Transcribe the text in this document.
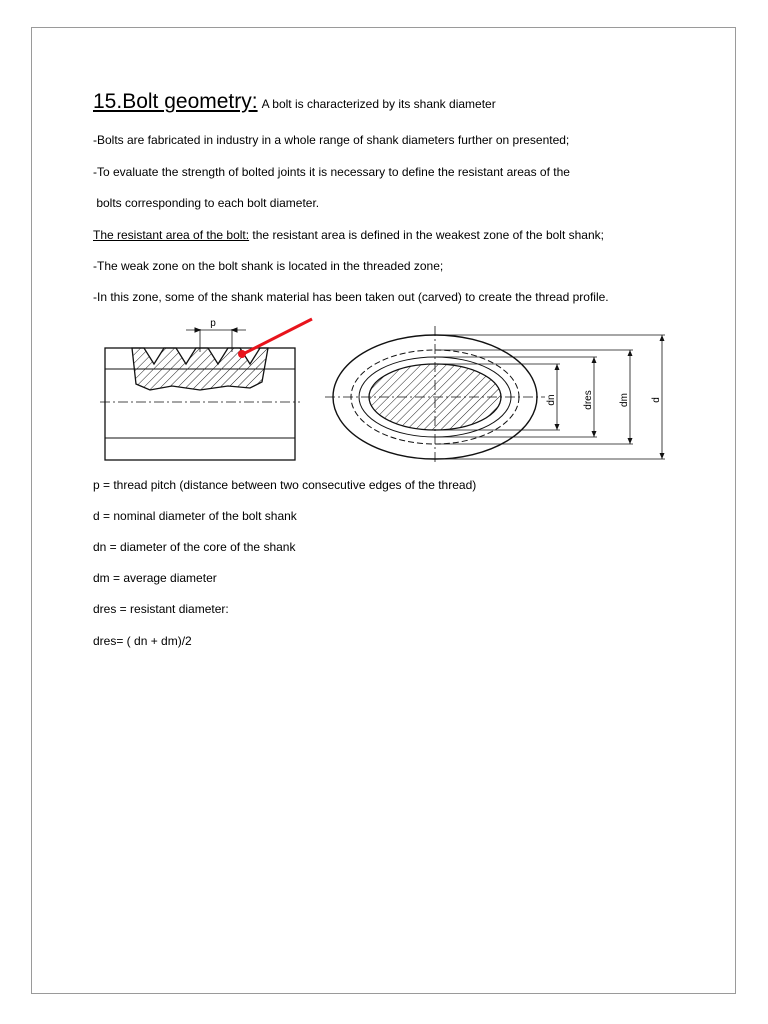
15.Bolt geometry: A bolt is characterized by its shank diameter
-Bolts are fabricated in industry in a whole range of shank diameters further on presented;
-To evaluate the strength of bolted joints it is necessary to define the resistant areas of the
bolts corresponding to each bolt diameter.
The resistant area of the bolt: the resistant area is defined in the weakest zone of the bolt shank;
-The weak zone on the bolt shank is located in the threaded zone;
-In this zone, some of the shank material has been taken out (carved) to create the thread profile.
p
dn	dres	dm d
p = thread pitch (distance between two consecutive edges of the thread)
d = nominal diameter of the bolt shank
dn = diameter of the core of the shank
dm = average diameter
dres = resistant diameter:
dres= ( dn + dm)/2
